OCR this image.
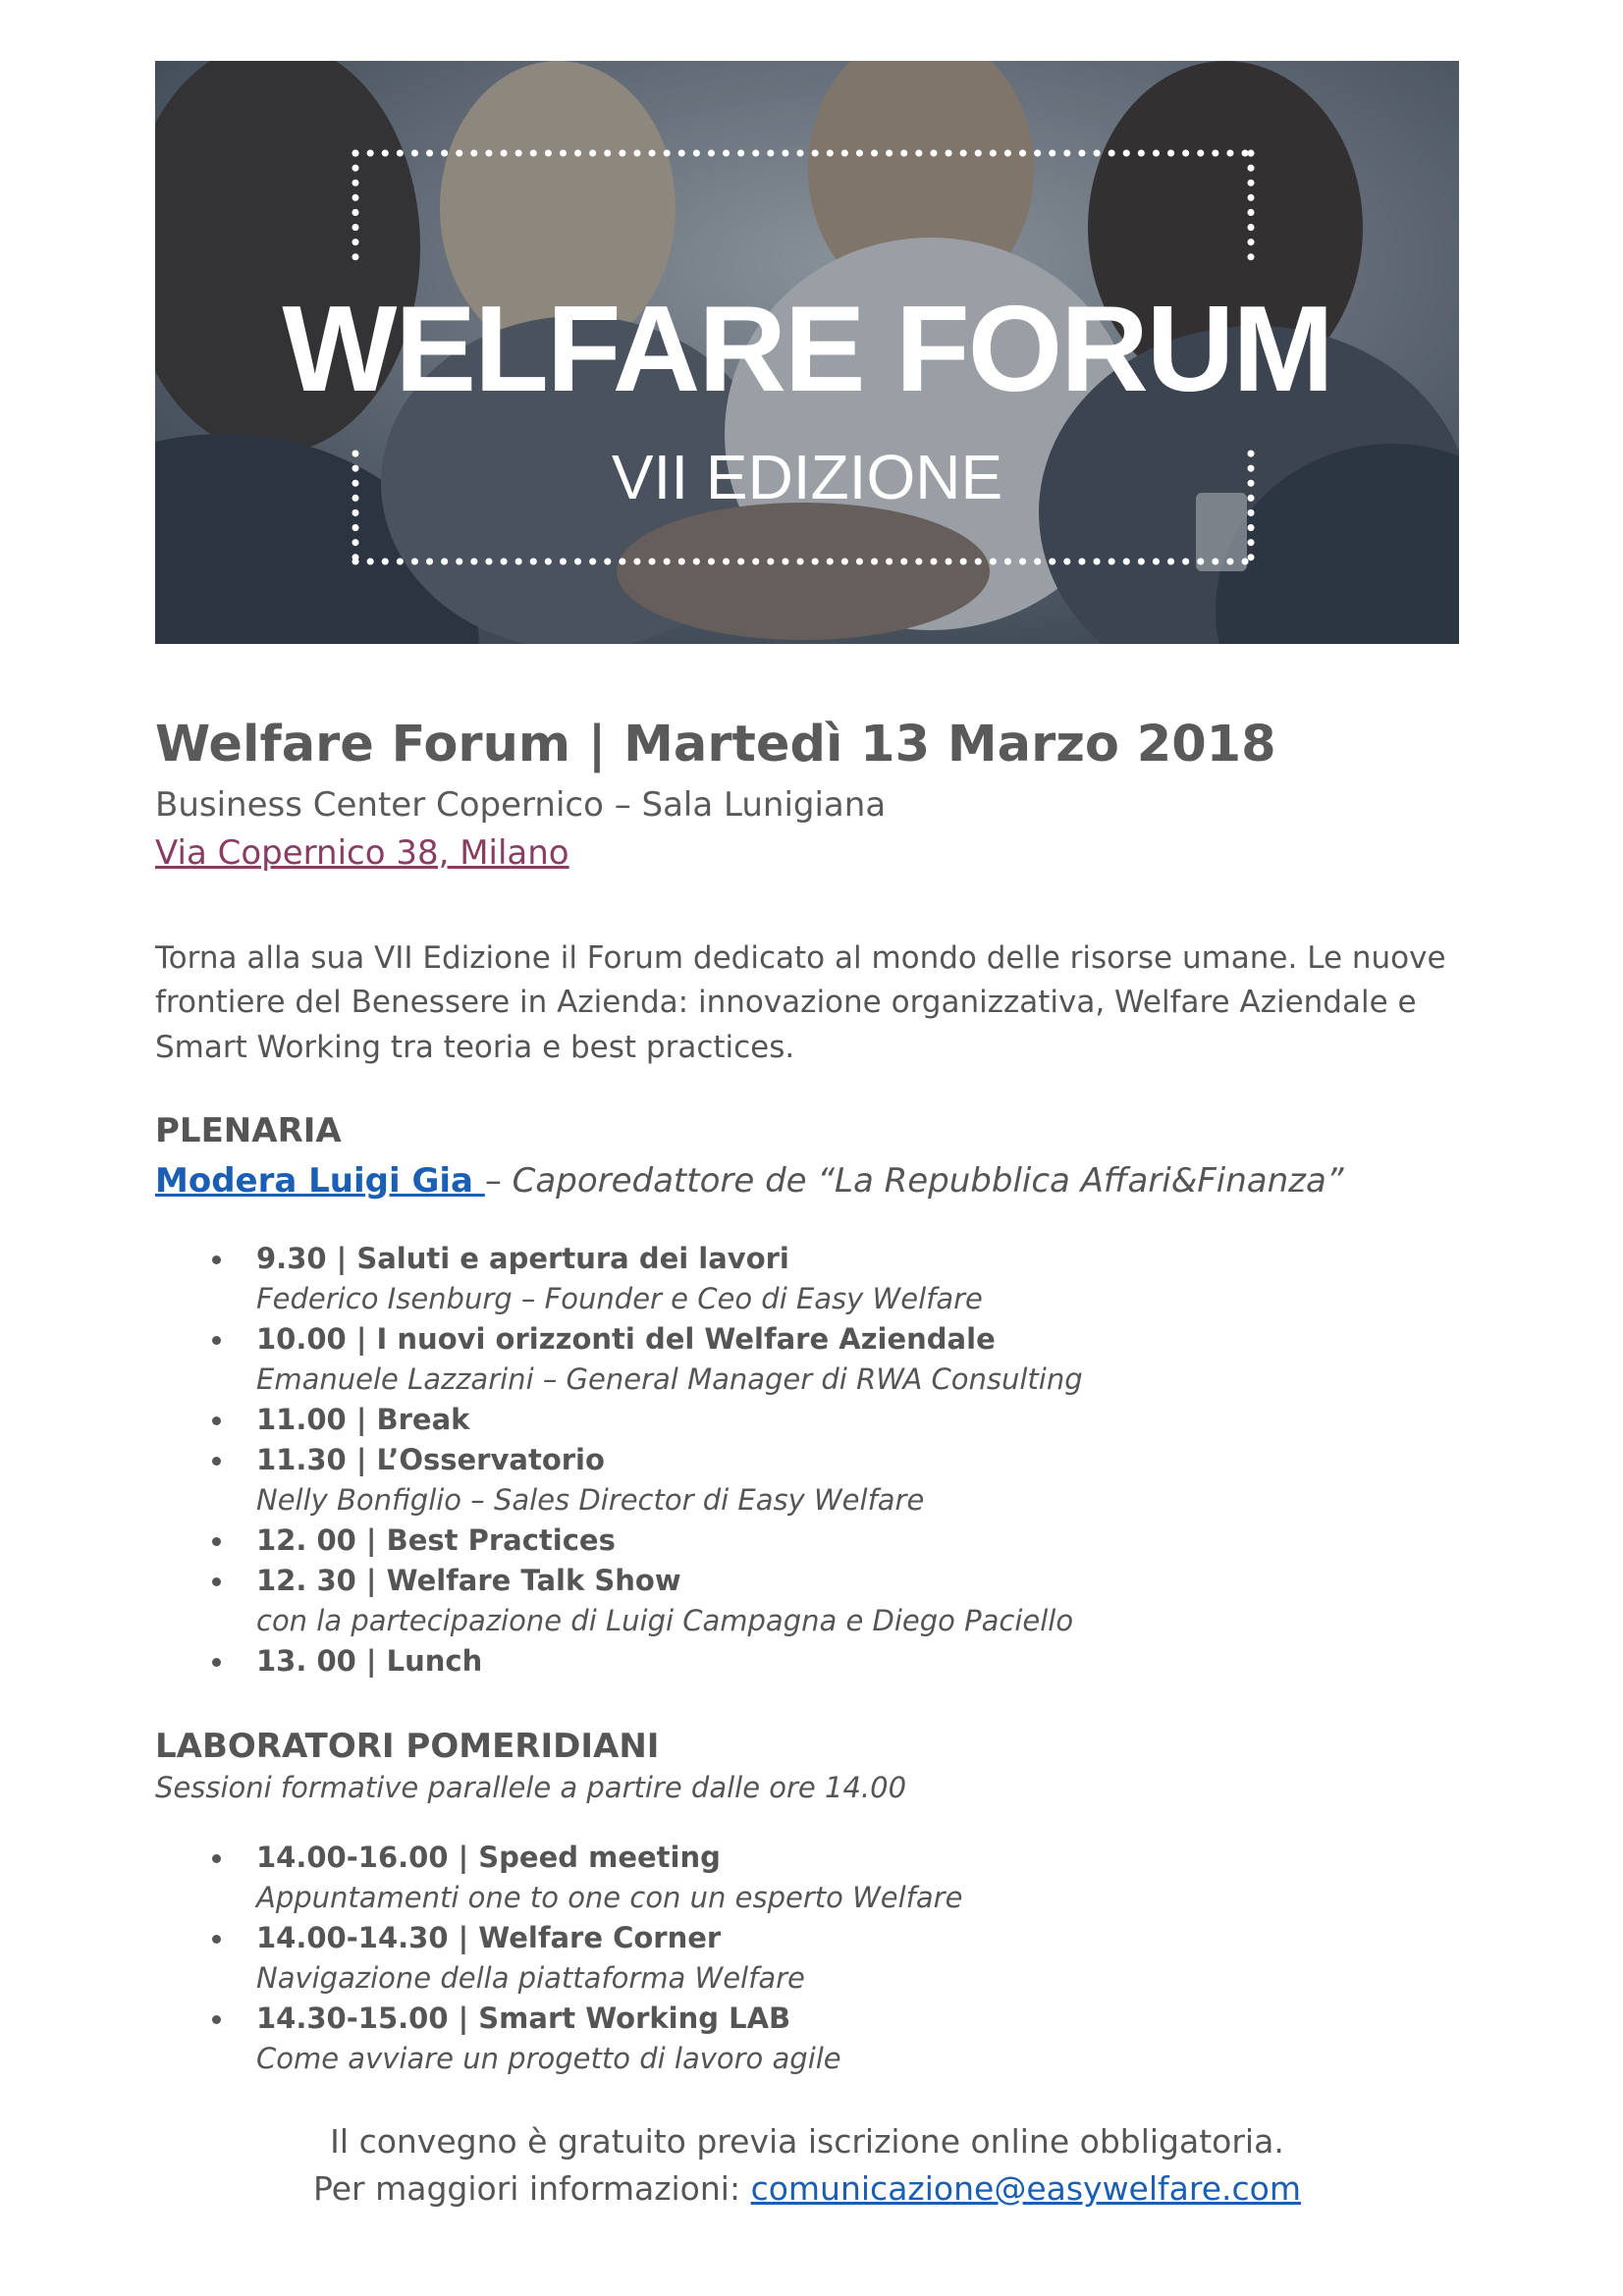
WELFARE FORUM
VII EDIZIONE
Welfare Forum | Martedì 13 Marzo 2018

Business Center Copernico – Sala Lunigiana

Via Copernico 38, Milano

Torna alla sua VII Edizione il Forum dedicato al mondo delle risorse umane. Le nuove frontiere del Benessere in Azienda: innovazione organizzativa, Welfare Aziendale e Smart Working tra teoria e best practices.

PLENARIA

Modera Luigi Gia – Caporedattore de “La Repubblica Affari&Finanza”

9.30 | Saluti e apertura dei lavori
Federico Isenburg – Founder e Ceo di Easy Welfare
10.00 | I nuovi orizzonti del Welfare Aziendale
Emanuele Lazzarini – General Manager di RWA Consulting
11.00 | Break
11.30 | L’Osservatorio
Nelly Bonfiglio – Sales Director di Easy Welfare
12. 00 | Best Practices
12. 30 | Welfare Talk Show
con la partecipazione di Luigi Campagna e Diego Paciello
13. 00 | Lunch
LABORATORI POMERIDIANI

Sessioni formative parallele a partire dalle ore 14.00

14.00-16.00 | Speed meeting
Appuntamenti one to one con un esperto Welfare
14.00-14.30 | Welfare Corner
Navigazione della piattaforma Welfare
14.30-15.00 | Smart Working LAB
Come avviare un progetto di lavoro agile
Il convegno è gratuito previa iscrizione online obbligatoria.
Per maggiori informazioni: comunicazione@easywelfare.com
